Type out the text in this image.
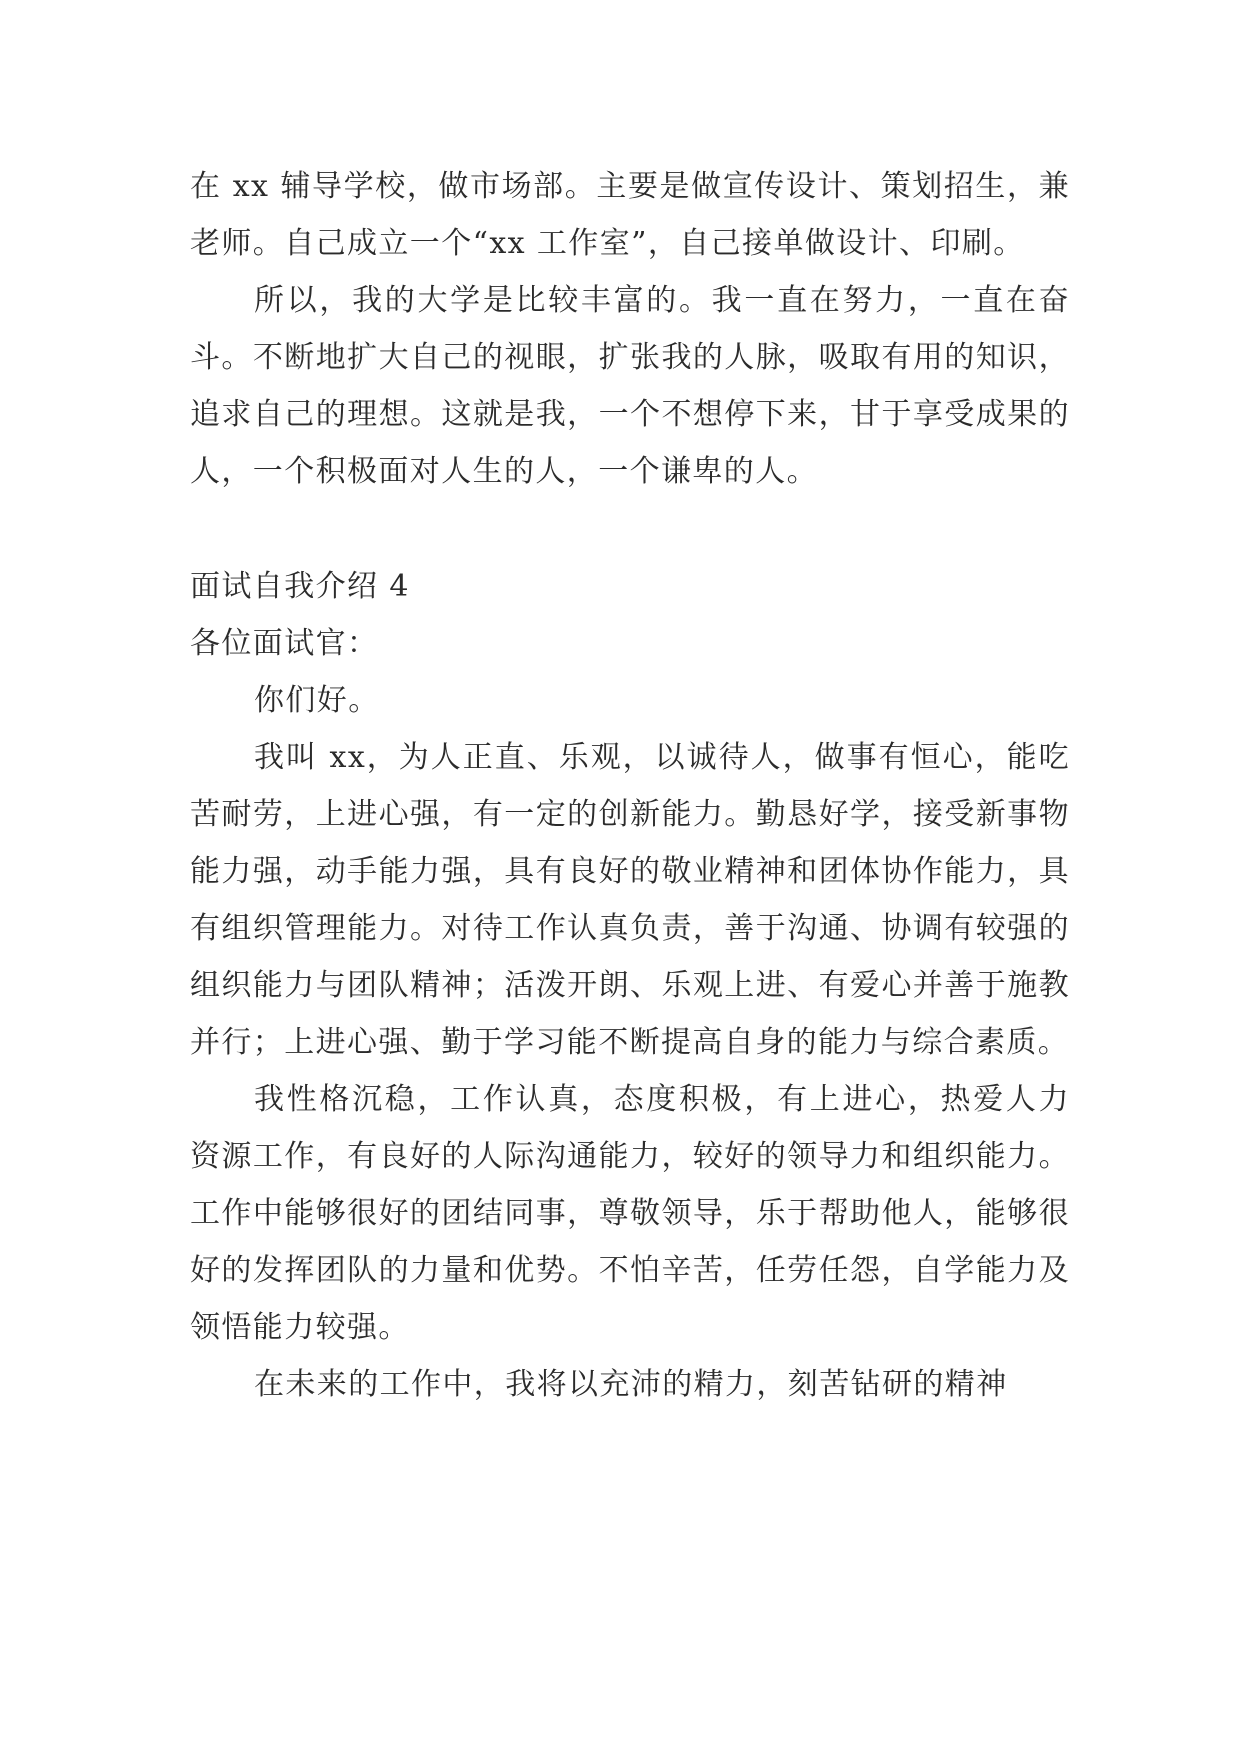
在 xx 辅导学校，做市场部。主要是做宣传设计、策划招生，兼老师。自己成立一个“xx 工作室”，自己接单做设计、印刷。

所以，我的大学是比较丰富的。我一直在努力，一直在奋斗。不断地扩大自己的视眼，扩张我的人脉，吸取有用的知识，追求自己的理想。这就是我，一个不想停下来，甘于享受成果的人，一个积极面对人生的人，一个谦卑的人。

面试自我介绍 4

各位面试官：

你们好。

我叫 xx，为人正直、乐观，以诚待人，做事有恒心，能吃苦耐劳，上进心强，有一定的创新能力。勤恳好学，接受新事物能力强，动手能力强，具有良好的敬业精神和团体协作能力，具有组织管理能力。对待工作认真负责，善于沟通、协调有较强的组织能力与团队精神；活泼开朗、乐观上进、有爱心并善于施教并行；上进心强、勤于学习能不断提高自身的能力与综合素质。

我性格沉稳，工作认真，态度积极，有上进心，热爱人力资源工作，有良好的人际沟通能力，较好的领导力和组织能力。工作中能够很好的团结同事，尊敬领导，乐于帮助他人，能够很好的发挥团队的力量和优势。不怕辛苦，任劳任怨，自学能力及领悟能力较强。

在未来的工作中，我将以充沛的精力，刻苦钻研的精神
